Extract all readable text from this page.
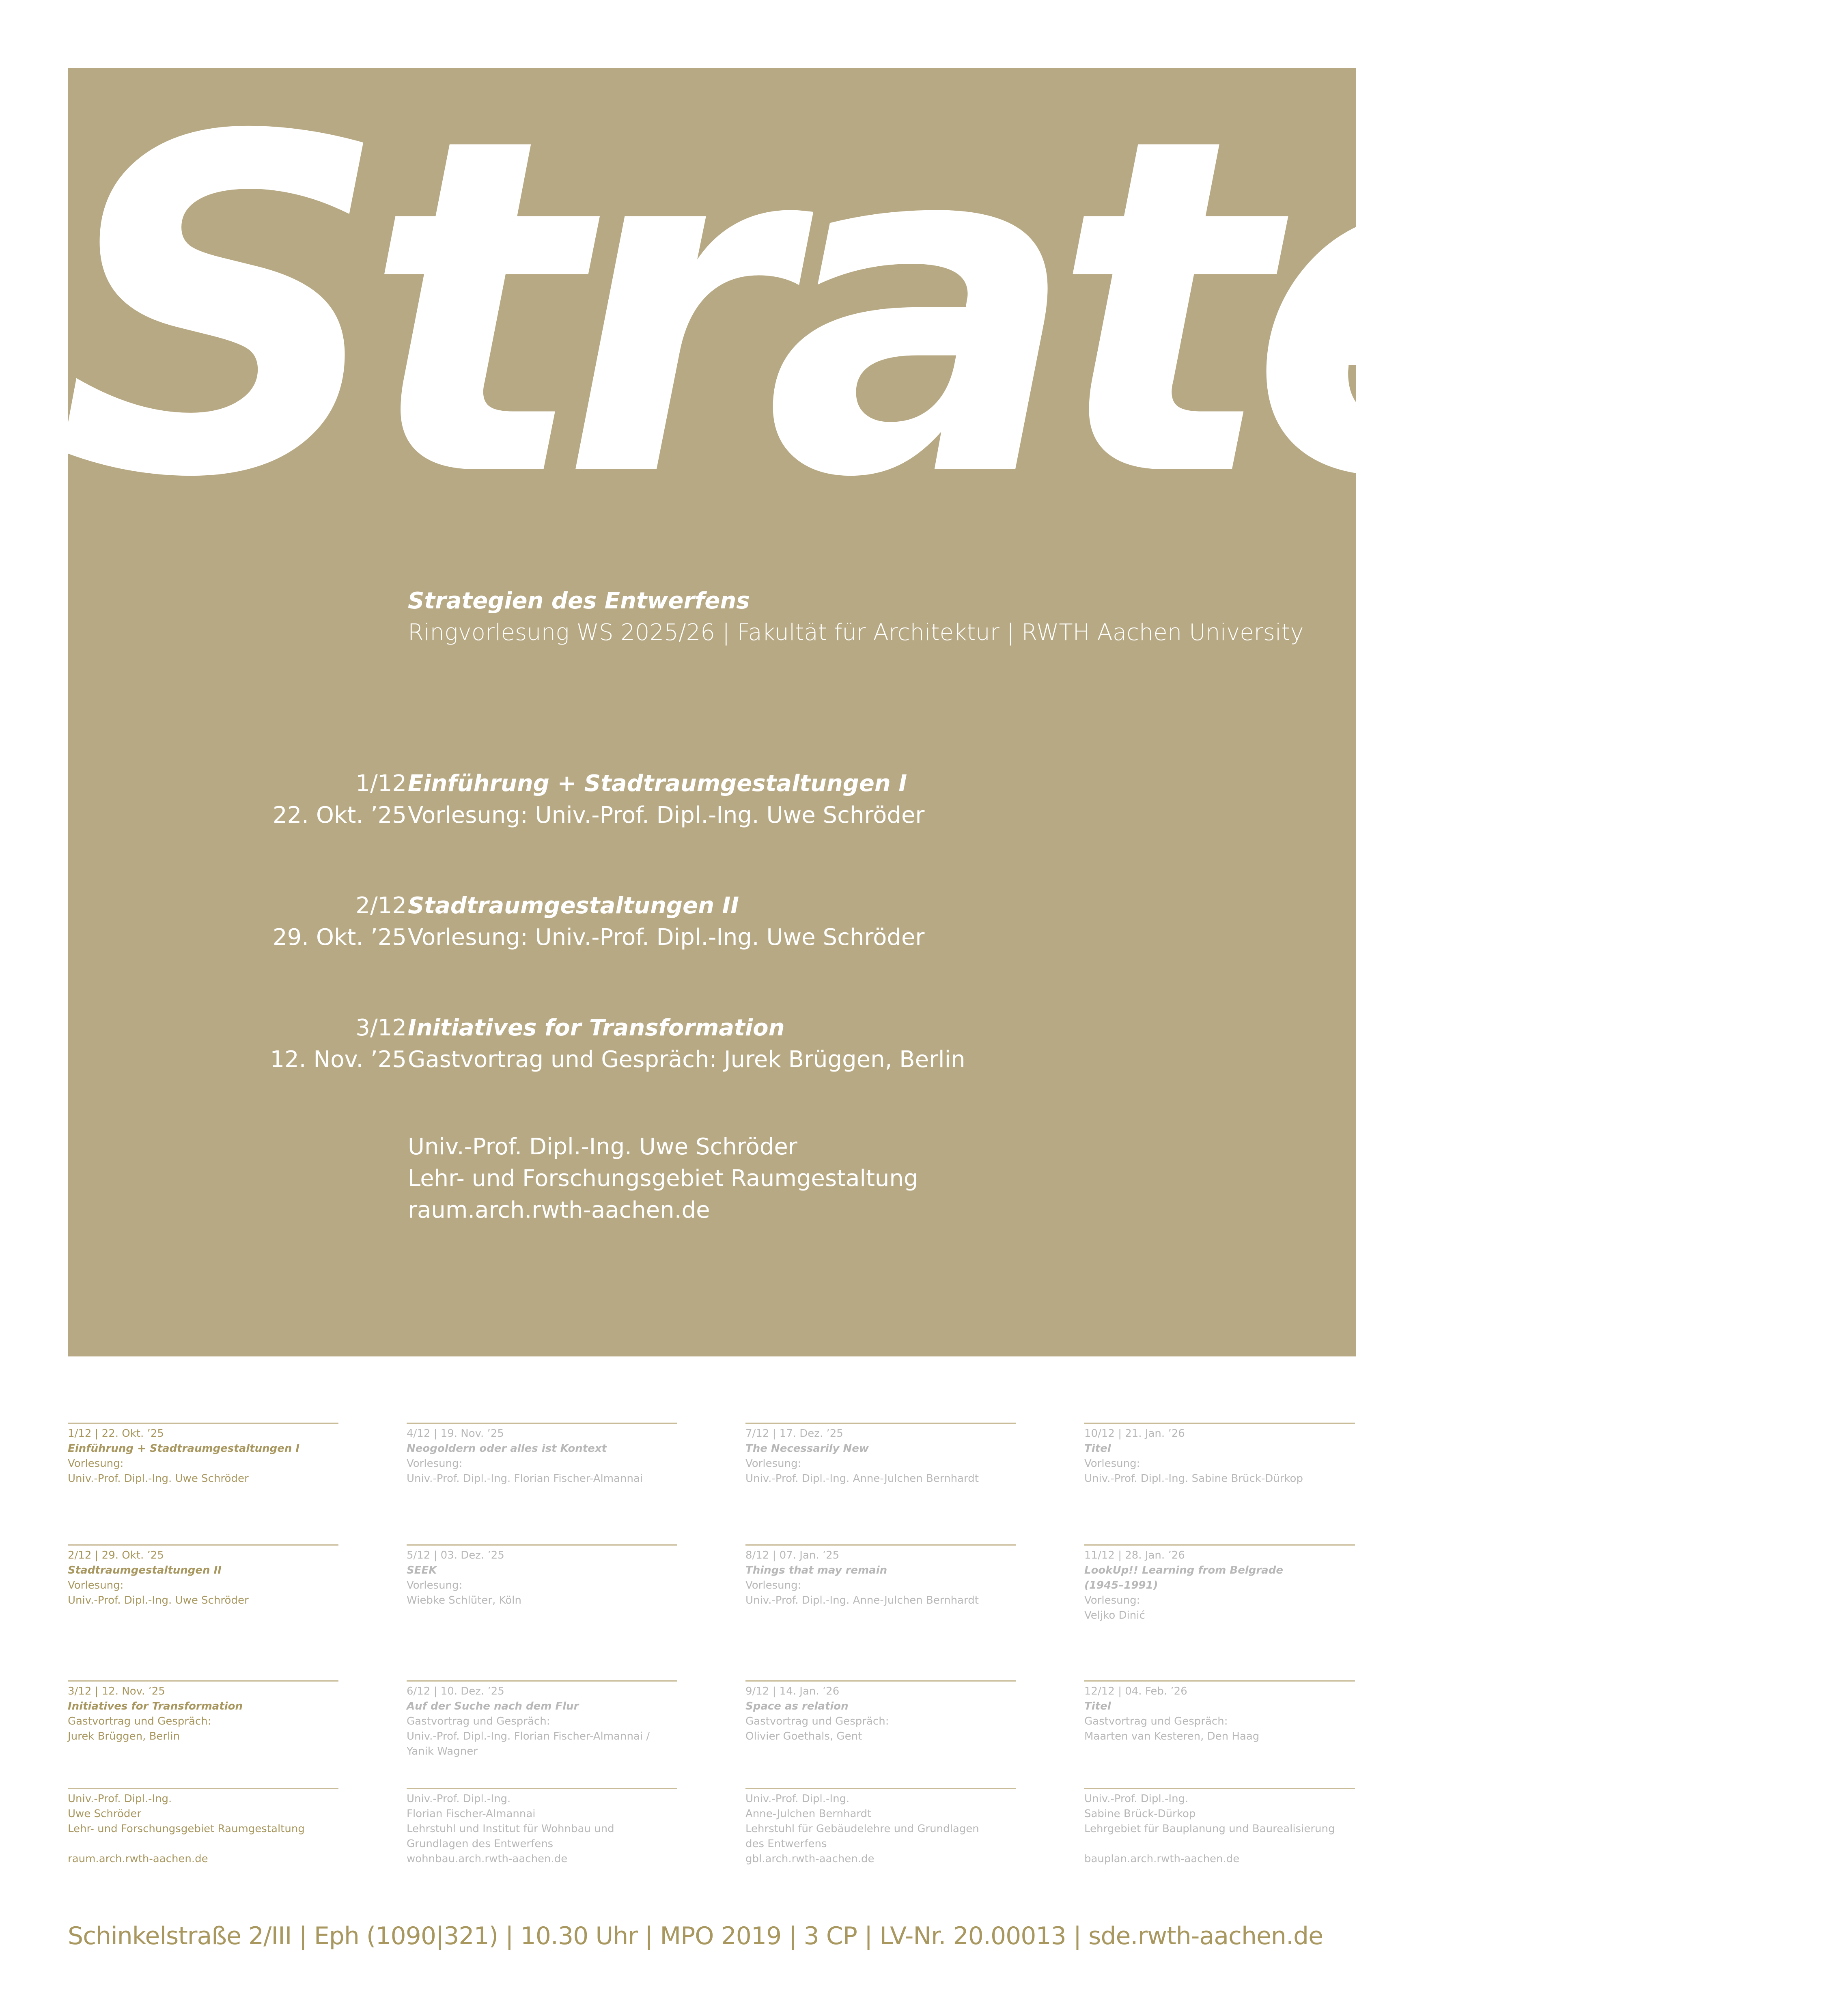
Strateg
Strategien des Entwerfens
Ringvorlesung WS 2025/26 | Fakultät für Architektur | RWTH Aachen University
1/12
22. Okt. ’25
Einführung + Stadtraumgestaltungen I
Vorlesung: Univ.-Prof. Dipl.-Ing. Uwe Schröder
2/12
29. Okt. ’25
Stadtraumgestaltungen II
Vorlesung: Univ.-Prof. Dipl.-Ing. Uwe Schröder
3/12
12. Nov. ’25
Initiatives for Transformation
Gastvortrag und Gespräch: Jurek Brüggen, Berlin
Univ.-Prof. Dipl.-Ing. Uwe Schröder
Lehr- und Forschungsgebiet Raumgestaltung
raum.arch.rwth-aachen.de
1/12 | 22. Okt. ’25
Einführung + Stadtraumgestaltungen I
Vorlesung:
Univ.-Prof. Dipl.-Ing. Uwe Schröder
4/12 | 19. Nov. ’25
Neogoldern oder alles ist Kontext
Vorlesung:
Univ.-Prof. Dipl.-Ing. Florian Fischer-Almannai
7/12 | 17. Dez. ’25
The Necessarily New
Vorlesung:
Univ.-Prof. Dipl.-Ing. Anne-Julchen Bernhardt
10/12 | 21. Jan. ’26
Titel
Vorlesung:
Univ.-Prof. Dipl.-Ing. Sabine Brück-Dürkop
2/12 | 29. Okt. ’25
Stadtraumgestaltungen II
Vorlesung:
Univ.-Prof. Dipl.-Ing. Uwe Schröder
5/12 | 03. Dez. ’25
SEEK
Vorlesung:
Wiebke Schlüter, Köln
8/12 | 07. Jan. ’25
Things that may remain
Vorlesung:
Univ.-Prof. Dipl.-Ing. Anne-Julchen Bernhardt
11/12 | 28. Jan. ’26
LookUp!! Learning from Belgrade
(1945–1991)
Vorlesung:
Veljko Dinić
3/12 | 12. Nov. ’25
Initiatives for Transformation
Gastvortrag und Gespräch:
Jurek Brüggen, Berlin
6/12 | 10. Dez. ’25
Auf der Suche nach dem Flur
Gastvortrag und Gespräch:
Univ.-Prof. Dipl.-Ing. Florian Fischer-Almannai /
Yanik Wagner
9/12 | 14. Jan. ’26
Space as relation
Gastvortrag und Gespräch:
Olivier Goethals, Gent
12/12 | 04. Feb. ’26
Titel
Gastvortrag und Gespräch:
Maarten van Kesteren, Den Haag
Univ.-Prof. Dipl.-Ing.
Uwe Schröder
Lehr- und Forschungsgebiet Raumgestaltung

raum.arch.rwth-aachen.de
Univ.-Prof. Dipl.-Ing.
Florian Fischer-Almannai
Lehrstuhl und Institut für Wohnbau und
Grundlagen des Entwerfens
wohnbau.arch.rwth-aachen.de
Univ.-Prof. Dipl.-Ing.
Anne-Julchen Bernhardt
Lehrstuhl für Gebäudelehre und Grundlagen
des Entwerfens
gbl.arch.rwth-aachen.de
Univ.-Prof. Dipl.-Ing.
Sabine Brück-Dürkop
Lehrgebiet für Bauplanung und Baurealisierung

bauplan.arch.rwth-aachen.de
Schinkelstraße 2/III | Eph (1090|321) | 10.30 Uhr | MPO 2019 | 3 CP | LV-Nr. 20.00013 | sde.rwth-aachen.de
